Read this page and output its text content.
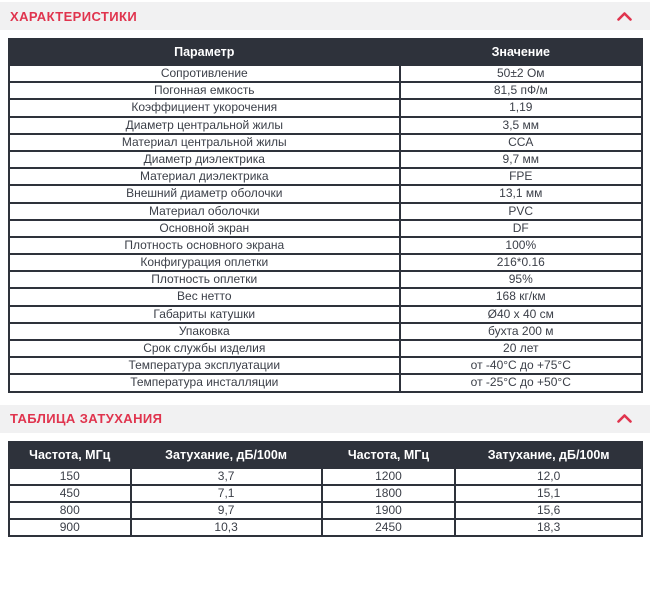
ХАРАКТЕРИСТИКИ
Параметр	Значение
Сопротивление	50±2 Ом
Погонная емкость	81,5 пФ/м
Коэффициент укорочения	1,19
Диаметр центральной жилы	3,5 мм
Материал центральной жилы	CCA
Диаметр диэлектрика	9,7 мм
Материал диэлектрика	FPE
Внешний диаметр оболочки	13,1 мм
Материал оболочки	PVC
Основной экран	DF
Плотность основного экрана	100%
Конфигурация оплетки	216*0.16
Плотность оплетки	95%
Вес нетто	168 кг/км
Габариты катушки	Ø40 х 40 см
Упаковка	бухта 200 м
Срок службы изделия	20 лет
Температура эксплуатации	от -40°С до +75°С
Температура инсталляции	от -25°С до +50°С
ТАБЛИЦА ЗАТУХАНИЯ
Частота, МГц	Затухание, дБ/100м	Частота, МГц	Затухание, дБ/100м
150	3,7	1200	12,0
450	7,1	1800	15,1
800	9,7	1900	15,6
900	10,3	2450	18,3
